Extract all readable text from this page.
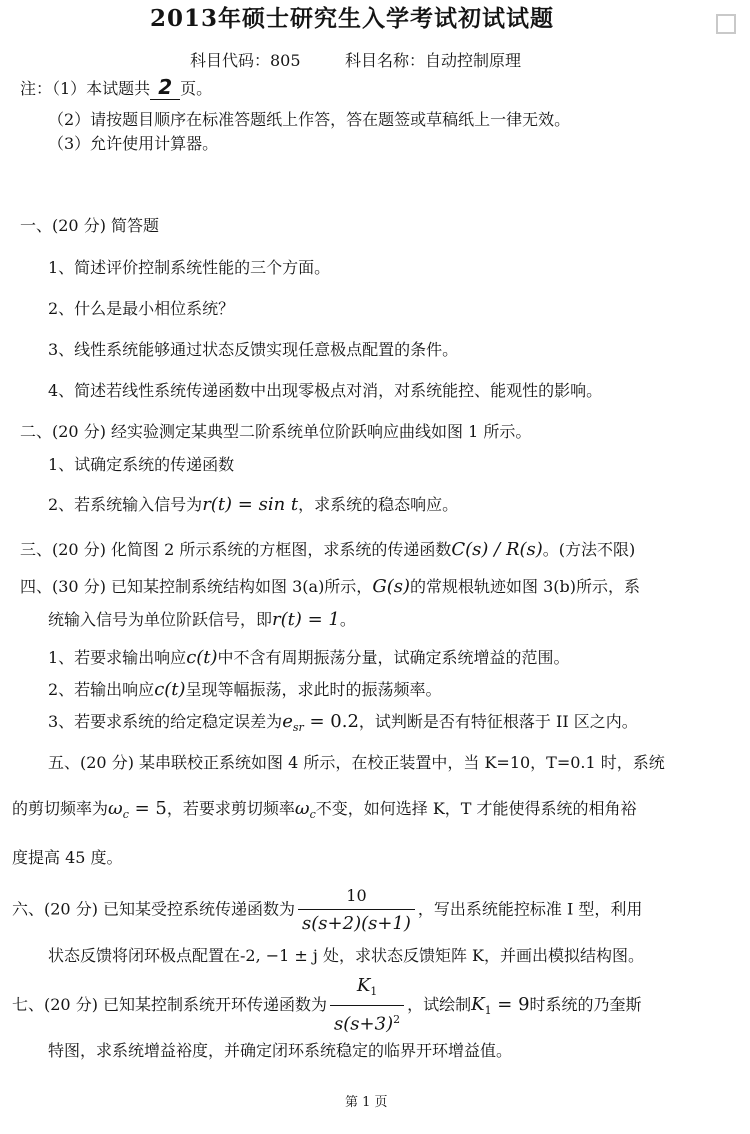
2013年硕士研究生入学考试初试试题
科目代码：805	科目名称：自动控制原理
注：（1）本试题共 2 页。
（2）请按题目顺序在标准答题纸上作答，答在题签或草稿纸上一律无效。
（3）允许使用计算器。
一、(20 分) 简答题
1、简述评价控制系统性能的三个方面。
2、什么是最小相位系统？
3、线性系统能够通过状态反馈实现任意极点配置的条件。
4、简述若线性系统传递函数中出现零极点对消，对系统能控、能观性的影响。
二、(20 分) 经实验测定某典型二阶系统单位阶跃响应曲线如图 1 所示。
1、试确定系统的传递函数
2、若系统输入信号为r(t) = sin t，求系统的稳态响应。
三、(20 分) 化简图 2 所示系统的方框图，求系统的传递函数C(s) / R(s)。(方法不限)
四、(30 分) 已知某控制系统结构如图 3(a)所示，G(s)的常规根轨迹如图 3(b)所示，系
统输入信号为单位阶跃信号，即r(t) = 1。
1、若要求输出响应c(t)中不含有周期振荡分量，试确定系统增益的范围。
2、若输出响应c(t)呈现等幅振荡，求此时的振荡频率。
3、若要求系统的给定稳定误差为$e_{sr} = 0.2$，试判断是否有特征根落于 II 区之内。
五、(20 分) 某串联校正系统如图 4 所示，在校正装置中，当 K=10，T=0.1 时，系统
的剪切频率为$\omega_c = 5$，若要求剪切频率$\omega_c$不变，如何选择 K，T 才能使得系统的相角裕
度提高 45 度。
六、(20 分) 已知某受控系统传递函数为 $\frac{10}{s(s+2)(s+1)}$ ，写出系统能控标准 I 型，利用
状态反馈将闭环极点配置在-2, −1 ± j 处，求状态反馈矩阵 K，并画出模拟结构图。
七、(20 分) 已知某控制系统开环传递函数为 $\frac{K_1}{s(s+3)^2}$ ，试绘制$K_1 = 9$时系统的乃奎斯
特图，求系统增益裕度，并确定闭环系统稳定的临界开环增益值。
第 1 页
